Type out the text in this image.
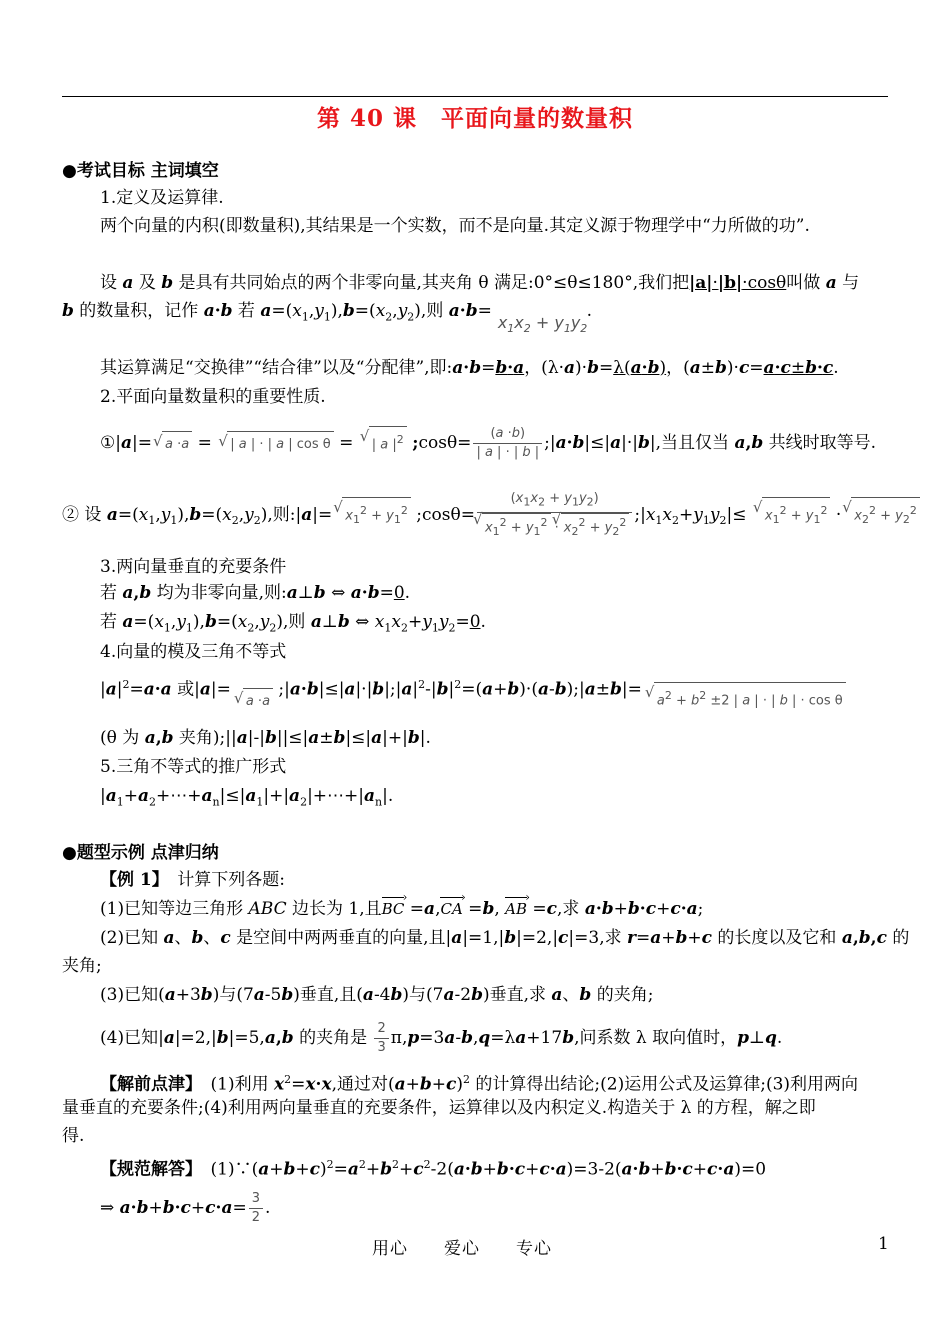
第 40 课　平面向量的数量积
●考试目标 主词填空
1.定义及运算律.
两个向量的内积(即数量积),其结果是一个实数，而不是向量.其定义源于物理学中“力所做的功”.
设 a 及 b 是具有共同始点的两个非零向量,其夹角 θ 满足:0°≤θ≤180°,我们把|a|·|b|·cosθ叫做 a 与
b 的数量积，记作 a·b 若 $a=(x_1,y_1),b=(x_2,y_2)$,则 $a\cdot b=x_1x_2 + y_1y_2$ .
其运算满足“交换律”“结合律”以及“分配律”,即:a·b=b·a，(λ·a)·b=λ(a·b)，(a±b)·c=a·c±b·c.
2.平面向量数量积的重要性质.
①|a|= √ a ·a = √ | a | · | a | cos θ = √ | a $|^2$ ;cosθ= $\frac{(a \cdot b)}{| a | \cdot | b |}$ ;|a·b|≤|a|·|b|,当且仅当 a,b 共线时取等号.
② 设 $a=(x_1,y_1),b=(x_2,y_2)$,则:|a|= √ $x_1^2 + y_1^2$ ;cosθ= $(x_1x_2 + y_1y_2)$
√ $x_1^2 + y_1^2$ · √ $x_2^2 + y_2^2$ $;|x_1x_2+y_1y_2|\le$ √ $x_1^2 + y_1^2$ · √ $x_2^2 + y_2^2$
3.两向量垂直的充要条件
若 a,b 均为非零向量,则:a⊥b ⇔ a·b=0.
若 $a=(x_1,y_1),b=(x_2,y_2)$,则 a⊥b ⇔ $x_1x_2+y_1y_2=0$.
4.向量的模及三角不等式
$|a|^2=a\cdot a$ 或|a|=√ a ·a $;|a\cdot b|\le|a|\cdot|b|;|a|^2-|b|^2=(a+b)\cdot(a-b);|a\pm b|=√$ $a^2 + b^2 \pm 2$ | a | · | b | · cos θ
(θ 为 a,b 夹角);||a|-|b||≤|a±b|≤|a|+|b|.
5.三角不等式的推广形式
$|a_1+a_2+\cdots+a_n|\le|a_1|+|a_2|+\cdots+|a_n|$.
●题型示例 点津归纳
【例 1】　 计算下列各题:
(1)已知等边三角形 ABC 边长为 1,且BC › =a,CA › =b, AB › =c,求 a·b+b·c+c·a;
(2)已知 a、b、c 是空间中两两垂直的向量,且|a|=1,|b|=2,|c|=3,求 r=a+b+c 的长度以及它和 a,b,c 的
夹角;
(3)已知(a+3b)与(7a-5b)垂直,且(a-4b)与(7a-2b)垂直,求 a、b 的夹角;
(4)已知|a|=2,|b|=5,a,b 的夹角是 $\frac{2}{3} \pi,p=3a-b,q=\lambda a+17b$,问系数 λ 取向值时，p⊥q.
【解前点津】　(1)利用 $x^2=x\cdot x$,通过对$(a+b+c)^2$ 的计算得出结论;(2)运用公式及运算律;(3)利用两向
量垂直的充要条件;(4)利用两向量垂直的充要条件，运算律以及内积定义.构造关于 λ 的方程，解之即
得.
【规范解答】　$(1)\because(a+b+c)^2=a^2+b^2+c^2-2(a\cdot b+b\cdot c+c\cdot a)=3-2(a\cdot b+b\cdot c+c\cdot a)=0$
⇒ $a\cdot b+b\cdot c+c\cdot a= \frac{3}{2}$ .
用心　　爱心　　专心	1
